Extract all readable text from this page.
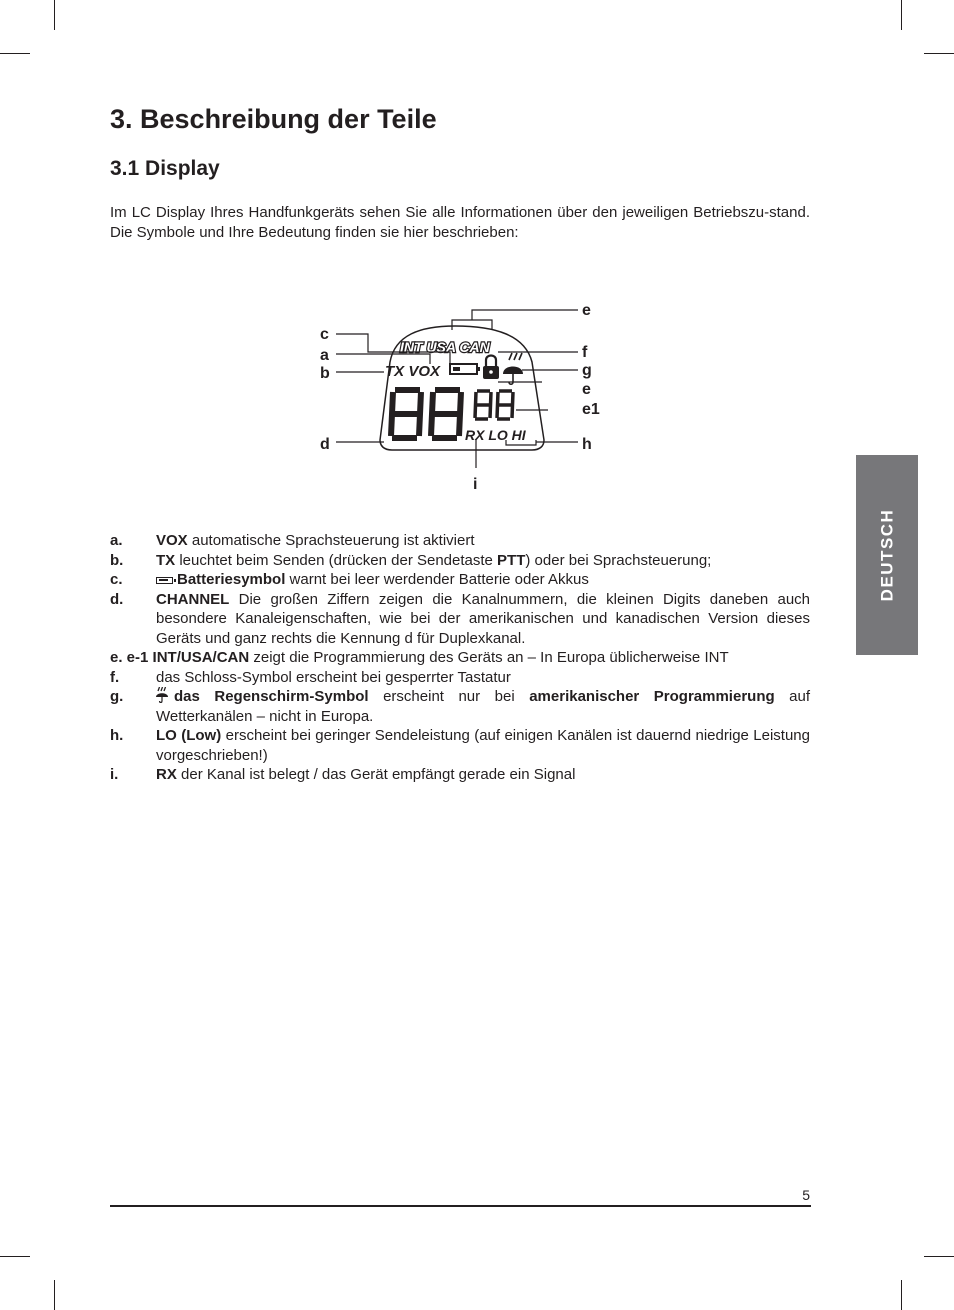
3. Beschreibung der Teile
3.1 Display

Im LC Display Ihres Handfunkgeräts sehen Sie alle Informationen über den jeweiligen Betriebszu-stand. Die Symbole und Ihre Bedeutung finden sie hier beschrieben:

INT USA CAN
TX VOX
RX LO HI
c
a
b
d
e
f
g
e
e1
h
i
a. VOX automatische Sprachsteuerung ist aktiviert
b. TX leuchtet beim Senden (drücken der Sendetaste PTT) oder bei Sprachsteuerung;
c.	Batteriesymbol warnt bei leer werdender Batterie oder Akkus
d. CHANNEL Die großen Ziffern zeigen die Kanalnummern, die kleinen Digits daneben auch besondere Kanaleigenschaften, wie bei der amerikanischen und kanadischen Version dieses Geräts und ganz rechts die Kennung d für Duplexkanal.
e. e-1 INT/USA/CAN zeigt die Programmierung des Geräts an – In Europa üblicherweise INT
f. das Schloss-Symbol erscheint bei gesperrter Tastatur
g.	das Regenschirm-Symbol erscheint nur bei amerikanischer Programmierung auf Wetterkanälen – nicht in Europa.
h. LO (Low) erscheint bei geringer Sendeleistung (auf einigen Kanälen ist dauernd niedrige Leistung vorgeschrieben!)
i.	RX der Kanal ist belegt / das Gerät empfängt gerade ein Signal
DEUTSCH
5
